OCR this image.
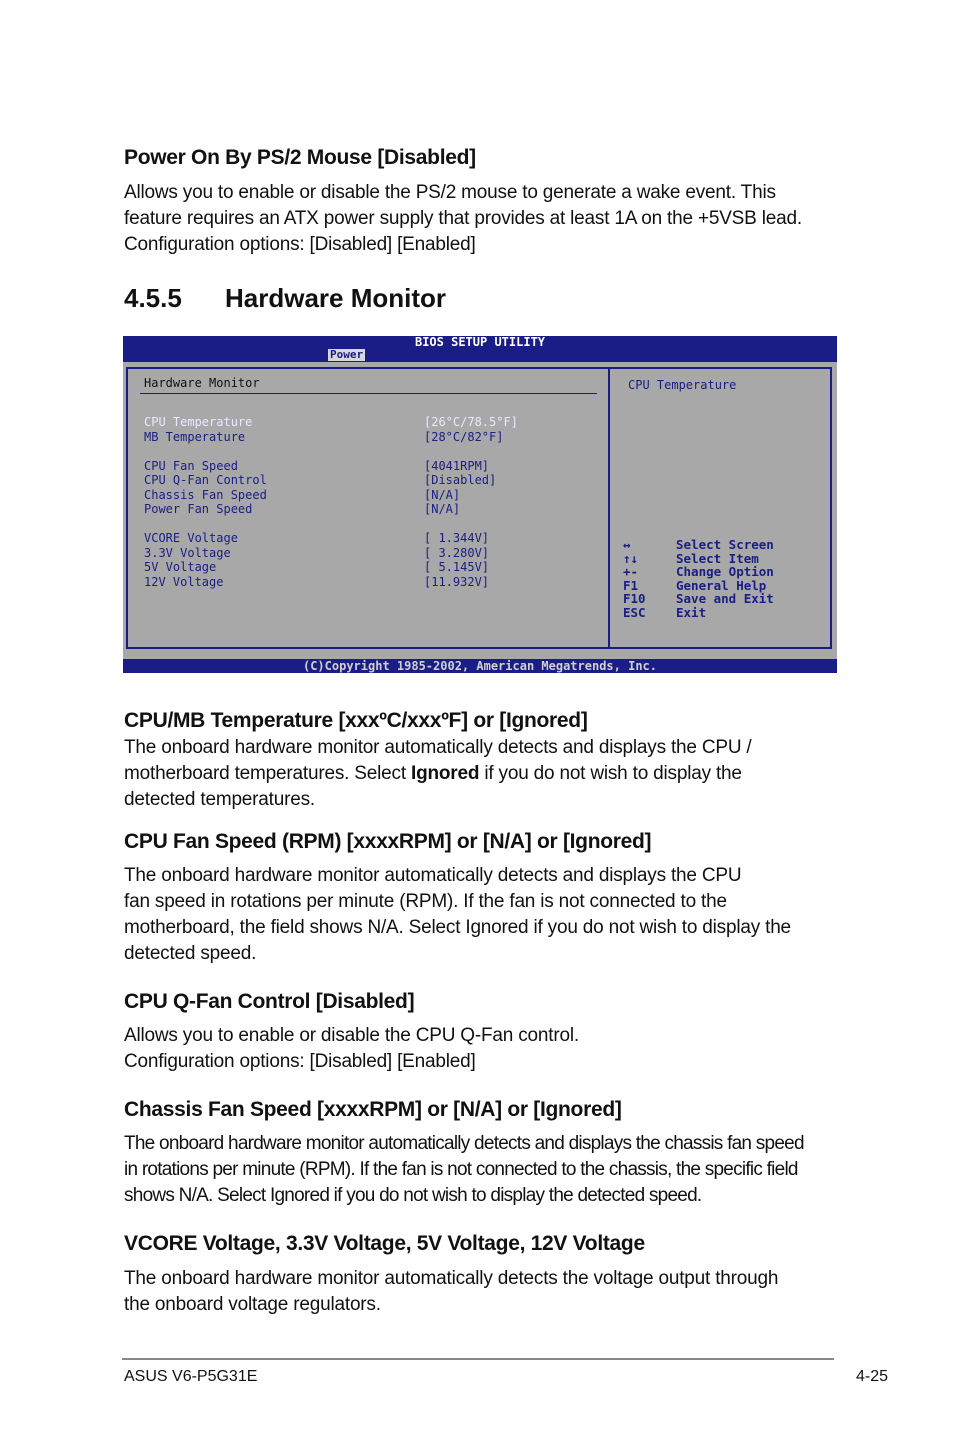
Power On By PS/2 Mouse [Disabled]
Allows you to enable or disable the PS/2 mouse to generate a wake event. This
feature requires an ATX power supply that provides at least 1A on the +5VSB lead.
Configuration options: [Disabled] [Enabled]
4.5.5 Hardware Monitor
BIOS SETUP UTILITY
Power
Hardware Monitor
CPU Temperature	[26°C/78.5°F]
MB Temperature	[28°C/82°F]
CPU Fan Speed	[4041RPM]
CPU Q-Fan Control	[Disabled]
Chassis Fan Speed	[N/A]
Power Fan Speed	[N/A]
VCORE Voltage	[ 1.344V]
3.3V Voltage	[ 3.280V]
5V Voltage	[ 5.145V]
12V Voltage	[11.932V]
CPU Temperature
↔	Select Screen
↑↓	Select Item
+-	Change Option
F1	General Help
F10 Save and Exit
ESC Exit
(C)Copyright 1985-2002, American Megatrends, Inc.
CPU/MB Temperature [xxxºC/xxxºF] or [Ignored]
The onboard hardware monitor automatically detects and displays the CPU /
motherboard temperatures. Select Ignored if you do not wish to display the
detected temperatures.
CPU Fan Speed (RPM) [xxxxRPM] or [N/A] or [Ignored]
The onboard hardware monitor automatically detects and displays the CPU
fan speed in rotations per minute (RPM). If the fan is not connected to the
motherboard, the field shows N/A. Select Ignored if you do not wish to display the
detected speed.
CPU Q-Fan Control [Disabled]
Allows you to enable or disable the CPU Q-Fan control.
Configuration options: [Disabled] [Enabled]
Chassis Fan Speed [xxxxRPM] or [N/A] or [Ignored]
The onboard hardware monitor automatically detects and displays the chassis fan speed
in rotations per minute (RPM). If the fan is not connected to the chassis, the specific field
shows N/A. Select Ignored if you do not wish to display the detected speed.
VCORE Voltage, 3.3V Voltage, 5V Voltage, 12V Voltage
The onboard hardware monitor automatically detects the voltage output through
the onboard voltage regulators.
ASUS V6-P5G31E	4-25
